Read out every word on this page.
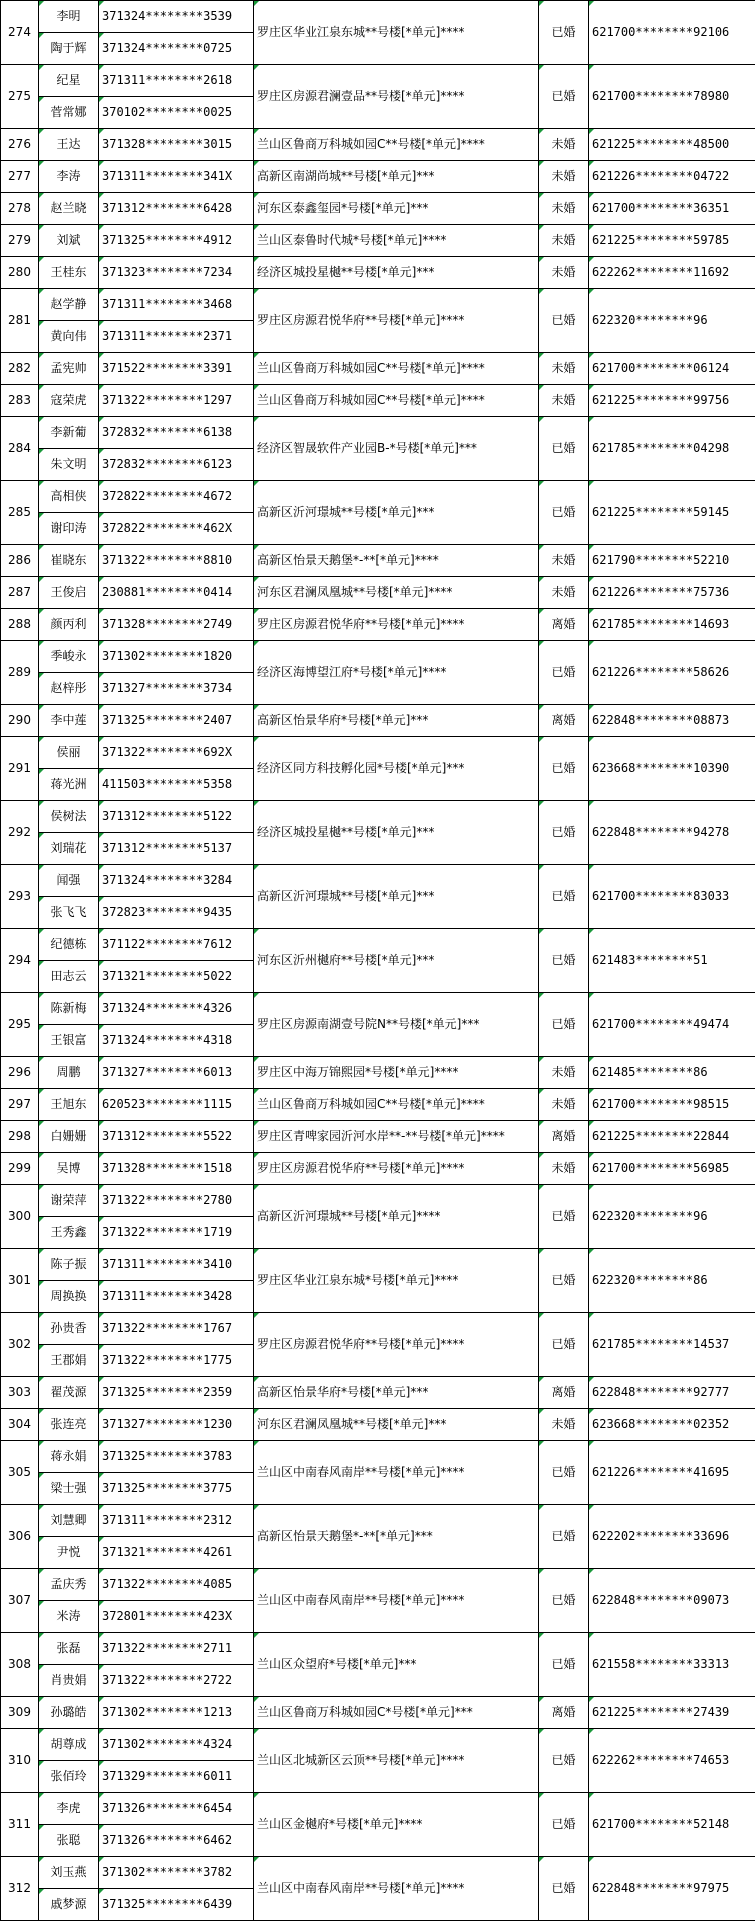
274	李明	371324********3539	罗庄区华业江泉东城**号楼[*单元]****	已婚	621700********92106
	陶于辉	371324********0725			
275	纪星	371311********2618	罗庄区房源君澜壹品**号楼[*单元]****	已婚	621700********78980
	菅常娜	370102********0025			
276	王达	371328********3015	兰山区鲁商万科城如园C**号楼[*单元]****	未婚	621225********48500
277	李涛	371311********341X	高新区南湖尚城**号楼[*单元]***	未婚	621226********04722
278	赵兰晓	371312********6428	河东区泰鑫玺园*号楼[*单元]***	未婚	621700********36351
279	刘斌	371325********4912	兰山区泰鲁时代城*号楼[*单元]****	未婚	621225********59785
280	王桂东	371323********7234	经济区城投星樾**号楼[*单元]***	未婚	622262********11692
281	赵学静	371311********3468	罗庄区房源君悦华府**号楼[*单元]****	已婚	622320********96
	黄向伟	371311********2371			
282	孟宪帅	371522********3391	兰山区鲁商万科城如园C**号楼[*单元]****	未婚	621700********06124
283	寇荣虎	371322********1297	兰山区鲁商万科城如园C**号楼[*单元]****	未婚	621225********99756
284	李新葡	372832********6138	经济区智晟软件产业园B-*号楼[*单元]***	已婚	621785********04298
	朱文明	372832********6123			
285	高相侠	372822********4672	高新区沂河璟城**号楼[*单元]***	已婚	621225********59145
	谢印涛	372822********462X			
286	崔晓东	371322********8810	高新区怡景天鹅堡*-**[*单元]****	未婚	621790********52210
287	王俊启	230881********0414	河东区君澜凤凰城**号楼[*单元]****	未婚	621226********75736
288	颜丙利	371328********2749	罗庄区房源君悦华府**号楼[*单元]****	离婚	621785********14693
289	季峻永	371302********1820	经济区海博望江府*号楼[*单元]****	已婚	621226********58626
	赵梓彤	371327********3734			
290	李中莲	371325********2407	高新区怡景华府*号楼[*单元]***	离婚	622848********08873
291	侯丽	371322********692X	经济区同方科技孵化园*号楼[*单元]***	已婚	623668********10390
	蒋光洲	411503********5358			
292	侯树法	371312********5122	经济区城投星樾**号楼[*单元]***	已婚	622848********94278
	刘瑞花	371312********5137			
293	闻强	371324********3284	高新区沂河璟城**号楼[*单元]***	已婚	621700********83033
	张飞飞	372823********9435			
294	纪德栋	371122********7612	河东区沂州樾府**号楼[*单元]***	已婚	621483********51
	田志云	371321********5022			
295	陈新梅	371324********4326	罗庄区房源南湖壹号院N**号楼[*单元]***	已婚	621700********49474
	王银富	371324********4318			
296	周鹏	371327********6013	罗庄区中海万锦熙园*号楼[*单元]****	未婚	621485********86
297	王旭东	620523********1115	兰山区鲁商万科城如园C**号楼[*单元]****	未婚	621700********98515
298	白姗姗	371312********5522	罗庄区青啤家园沂河水岸**-**号楼[*单元]****	离婚	621225********22844
299	吴博	371328********1518	罗庄区房源君悦华府**号楼[*单元]****	未婚	621700********56985
300	谢荣萍	371322********2780	高新区沂河璟城**号楼[*单元]****	已婚	622320********96
	王秀鑫	371322********1719			
301	陈子振	371311********3410	罗庄区华业江泉东城*号楼[*单元]****	已婚	622320********86
	周换换	371311********3428			
302	孙贵香	371322********1767	罗庄区房源君悦华府**号楼[*单元]****	已婚	621785********14537
	王郡娟	371322********1775			
303	翟茂源	371325********2359	高新区怡景华府*号楼[*单元]***	离婚	622848********92777
304	张连亮	371327********1230	河东区君澜凤凰城**号楼[*单元]***	未婚	623668********02352
305	蒋永娟	371325********3783	兰山区中南春风南岸**号楼[*单元]****	已婚	621226********41695
	梁士强	371325********3775			
306	刘慧卿	371311********2312	高新区怡景天鹅堡*-**[*单元]***	已婚	622202********33696
	尹悦	371321********4261			
307	孟庆秀	371322********4085	兰山区中南春风南岸**号楼[*单元]****	已婚	622848********09073
	米涛	372801********423X			
308	张磊	371322********2711	兰山区众望府*号楼[*单元]***	已婚	621558********33313
	肖贵娟	371322********2722			
309	孙璐皓	371302********1213	兰山区鲁商万科城如园C*号楼[*单元]***	离婚	621225********27439
310	胡尊成	371302********4324	兰山区北城新区云顶**号楼[*单元]****	已婚	622262********74653
	张佰玲	371329********6011			
311	李虎	371326********6454	兰山区金樾府*号楼[*单元]****	已婚	621700********52148
	张聪	371326********6462			
312	刘玉燕	371302********3782	兰山区中南春风南岸**号楼[*单元]****	已婚	622848********97975
	戚梦源	371325********6439			
